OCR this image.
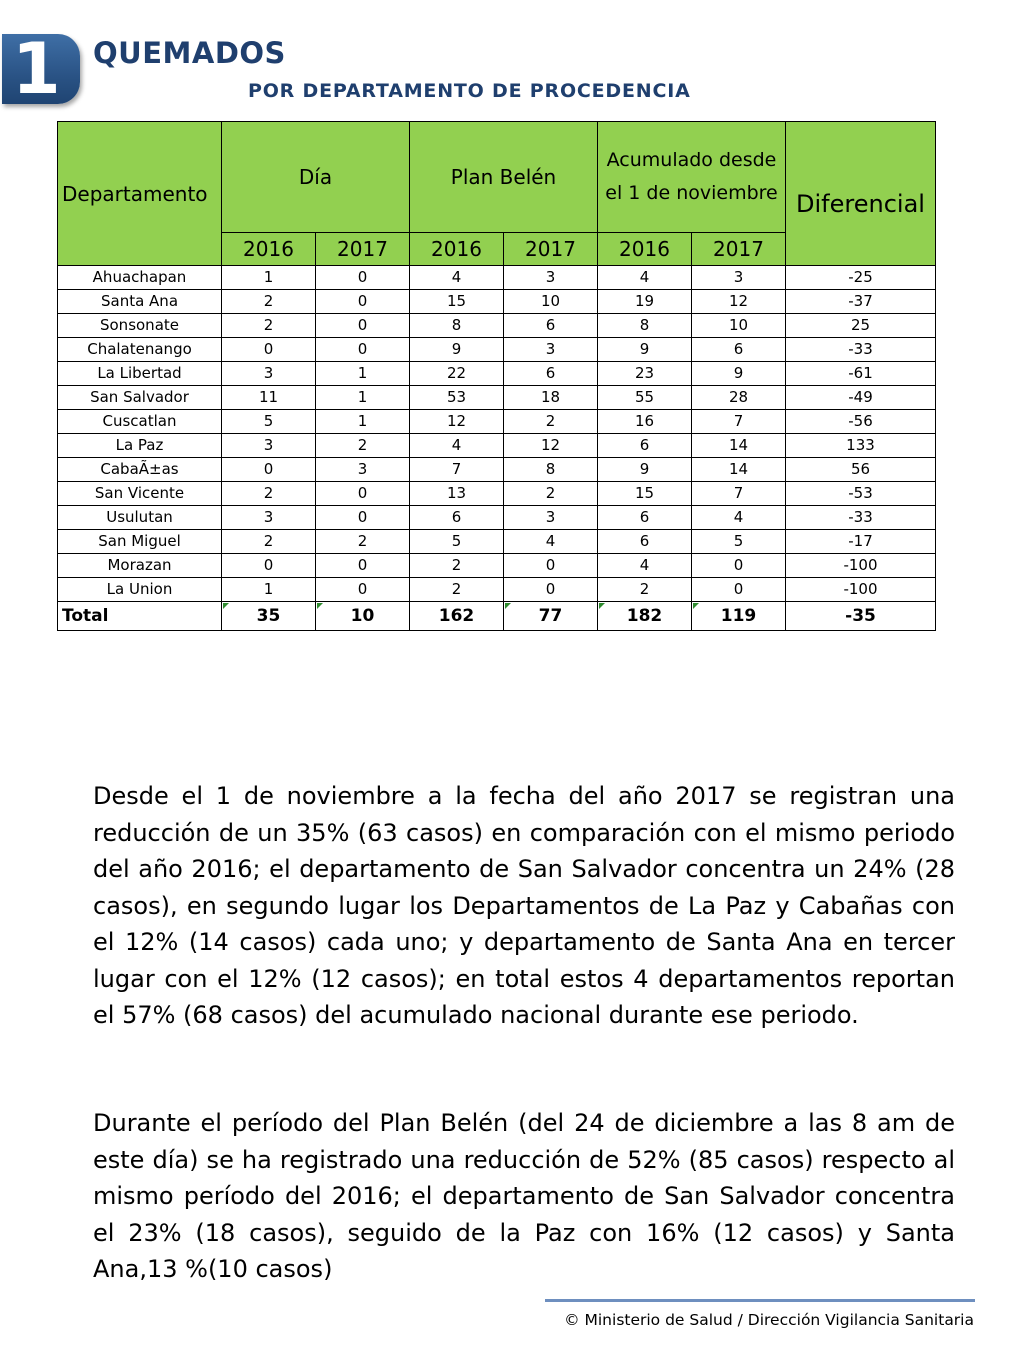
1 QUEMADOS
POR DEPARTAMENTO DE PROCEDENCIA
Departamento	Día		Plan Belén		Acumulado desde el 1 de noviembre		Diferencial
	2016	2017	2016	2017	2016	2017	
Ahuachapan	1	0	4	3	4	3	-25
Santa Ana	2	0	15	10	19	12	-37
Sonsonate	2	0	8	6	8	10	25
Chalatenango	0	0	9	3	9	6	-33
La Libertad	3	1	22	6	23	9	-61
San Salvador	11	1	53	18	55	28	-49
Cuscatlan	5	1	12	2	16	7	-56
La Paz	3	2	4	12	6	14	133
CabaÃ±as	0	3	7	8	9	14	56
San Vicente	2	0	13	2	15	7	-53
Usulutan	3	0	6	3	6	4	-33
San Miguel	2	2	5	4	6	5	-17
Morazan	0	0	2	0	4	0	-100
La Union	1	0	2	0	2	0	-100
Total	35	10	162	77	182	119	-35

Desde el 1 de noviembre a la fecha del año 2017 se registran una reducción de un 35% (63 casos) en comparación con el mismo periodo del año 2016; el departamento de San Salvador concentra un 24% (28 casos), en segundo lugar los Departamentos de La Paz y Cabañas con el 12% (14 casos) cada uno; y departamento de Santa Ana en tercer lugar con el 12% (12 casos); en total estos 4 departamentos reportan el 57% (68 casos) del acumulado nacional durante ese periodo.

Durante el período del Plan Belén (del 24 de diciembre a las 8 am de este día) se ha registrado una reducción de 52% (85 casos) respecto al mismo período del 2016; el departamento de San Salvador concentra el 23% (18 casos), seguido de la Paz con 16% (12 casos) y Santa Ana,13 %(10 casos)

© Ministerio de Salud / Dirección Vigilancia Sanitaria
